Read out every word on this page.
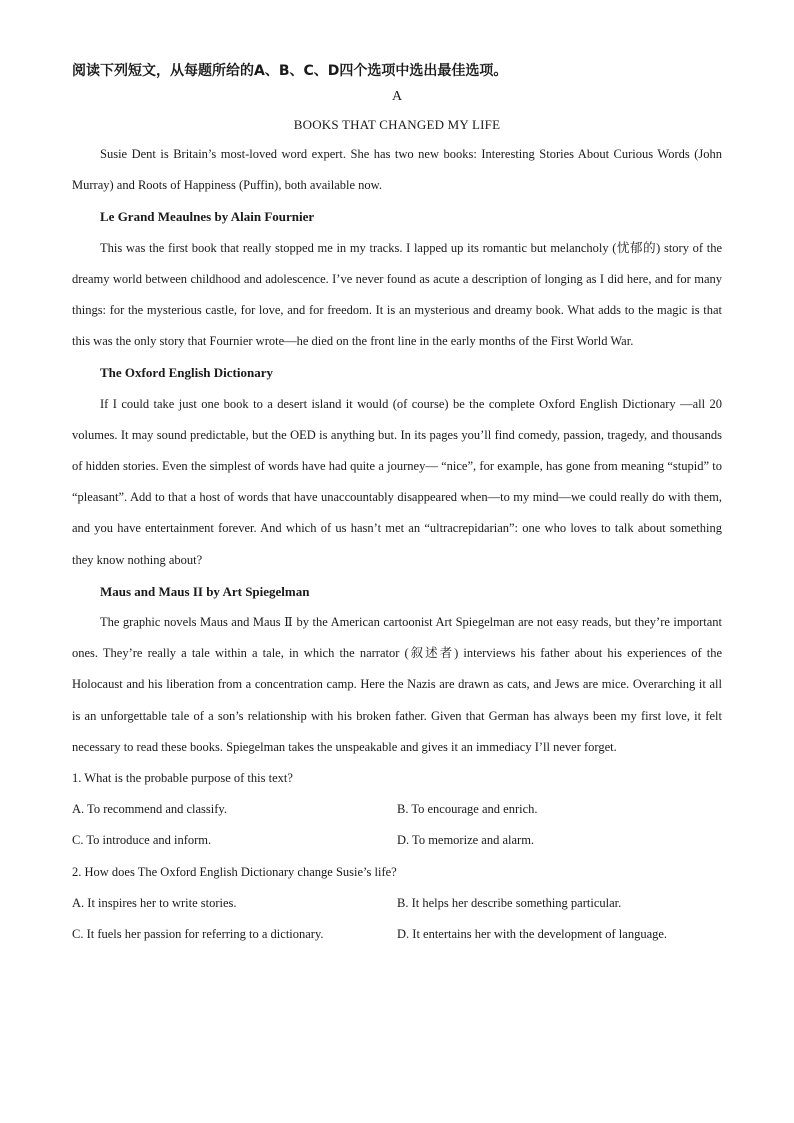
阅读下列短文，从每题所给的A、B、C、D四个选项中选出最佳选项。
A
BOOKS THAT CHANGED MY LIFE

Susie Dent is Britain’s most-loved word expert. She has two new books: Interesting Stories About Curious Words (John Murray) and Roots of Happiness (Puffin), both available now.

Le Grand Meaulnes by Alain Fournier

This was the first book that really stopped me in my tracks. I lapped up its romantic but melancholy (忧郁的) story of the dreamy world between childhood and adolescence. I’ve never found as acute a description of longing as I did here, and for many things: for the mysterious castle, for love, and for freedom. It is an mysterious and dreamy book. What adds to the magic is that this was the only story that Fournier wrote—he died on the front line in the early months of the First World War.

The Oxford English Dictionary

If I could take just one book to a desert island it would (of course) be the complete Oxford English Dictionary —all 20 volumes. It may sound predictable, but the OED is anything but. In its pages you’ll find comedy, passion, tragedy, and thousands of hidden stories. Even the simplest of words have had quite a journey— “nice”, for example, has gone from meaning “stupid” to “pleasant”. Add to that a host of words that have unaccountably disappeared when—to my mind—we could really do with them, and you have entertainment forever. And which of us hasn’t met an “ultracrepidarian”: one who loves to talk about something they know nothing about?

Maus and Maus II by Art Spiegelman

The graphic novels Maus and Maus Ⅱ by the American cartoonist Art Spiegelman are not easy reads, but they’re important ones. They’re really a tale within a tale, in which the narrator (叙述者) interviews his father about his experiences of the Holocaust and his liberation from a concentration camp. Here the Nazis are drawn as cats, and Jews are mice. Overarching it all is an unforgettable tale of a son’s relationship with his broken father. Given that German has always been my first love, it felt necessary to read these books. Spiegelman takes the unspeakable and gives it an immediacy I’ll never forget.

1. What is the probable purpose of this text?
A. To recommend and classify.	B. To encourage and enrich.
C. To introduce and inform.	D. To memorize and alarm.
2. How does The Oxford English Dictionary change Susie’s life?
A. It inspires her to write stories.	B. It helps her describe something particular.
C. It fuels her passion for referring to a dictionary.	D. It entertains her with the development of language.
